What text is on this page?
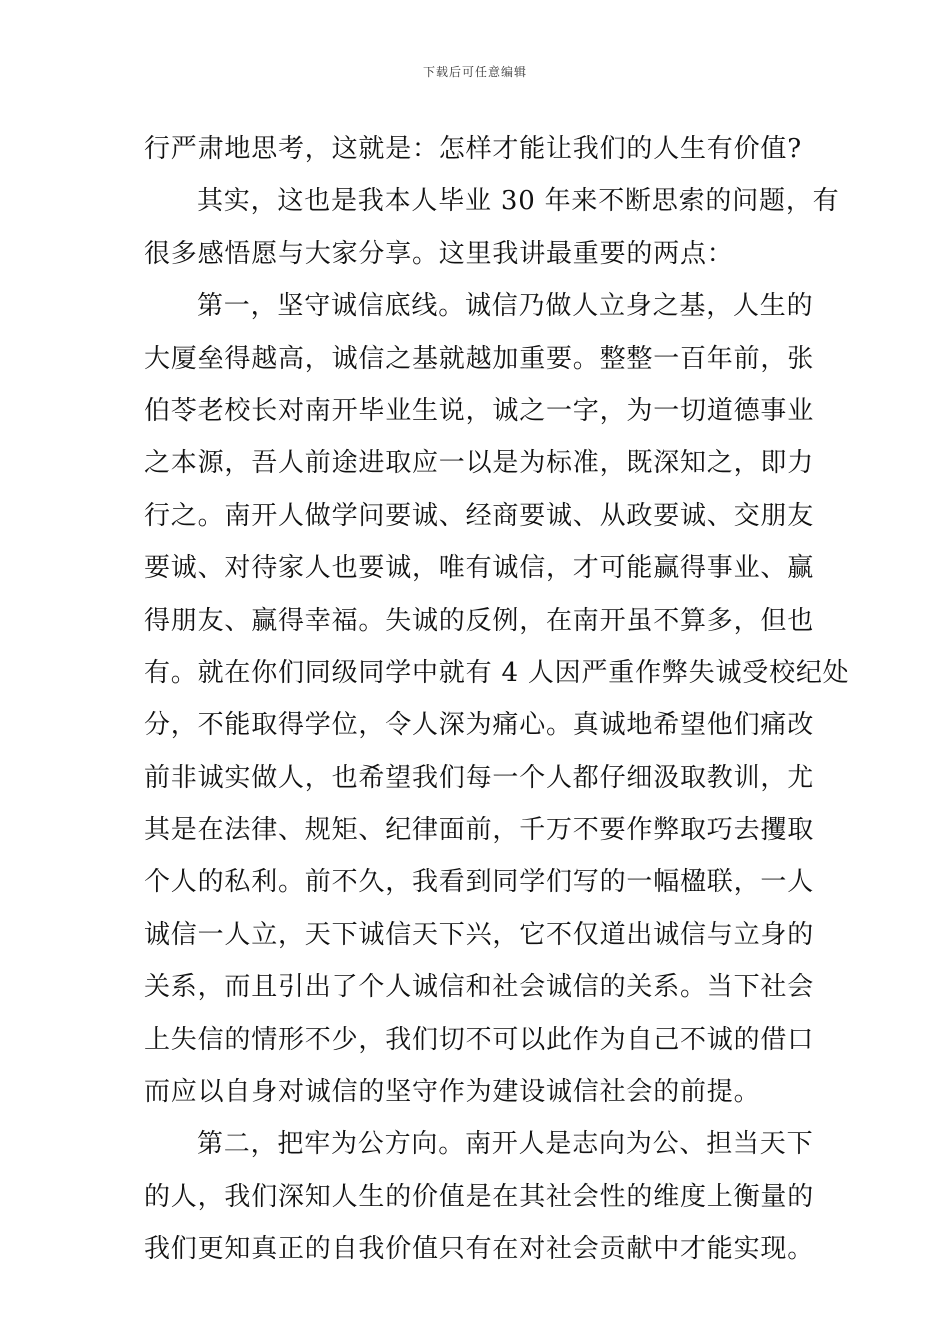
下载后可任意编辑
行严肃地思考，这就是：怎样才能让我们的人生有价值?
其实，这也是我本人毕业 30 年来不断思索的问题，有
很多感悟愿与大家分享。这里我讲最重要的两点：
第一，坚守诚信底线。诚信乃做人立身之基，人生的
大厦垒得越高，诚信之基就越加重要。整整一百年前，张
伯苓老校长对南开毕业生说，诚之一字，为一切道德事业
之本源，吾人前途进取应一以是为标准，既深知之，即力
行之。南开人做学问要诚、经商要诚、从政要诚、交朋友
要诚、对待家人也要诚，唯有诚信，才可能赢得事业、赢
得朋友、赢得幸福。失诚的反例，在南开虽不算多，但也
有。就在你们同级同学中就有 4 人因严重作弊失诚受校纪处
分，不能取得学位，令人深为痛心。真诚地希望他们痛改
前非诚实做人，也希望我们每一个人都仔细汲取教训，尤
其是在法律、规矩、纪律面前，千万不要作弊取巧去攫取
个人的私利。前不久，我看到同学们写的一幅楹联，一人
诚信一人立，天下诚信天下兴，它不仅道出诚信与立身的
关系，而且引出了个人诚信和社会诚信的关系。当下社会
上失信的情形不少，我们切不可以此作为自己不诚的借口
而应以自身对诚信的坚守作为建设诚信社会的前提。
第二，把牢为公方向。南开人是志向为公、担当天下
的人，我们深知人生的价值是在其社会性的维度上衡量的
我们更知真正的自我价值只有在对社会贡献中才能实现。
